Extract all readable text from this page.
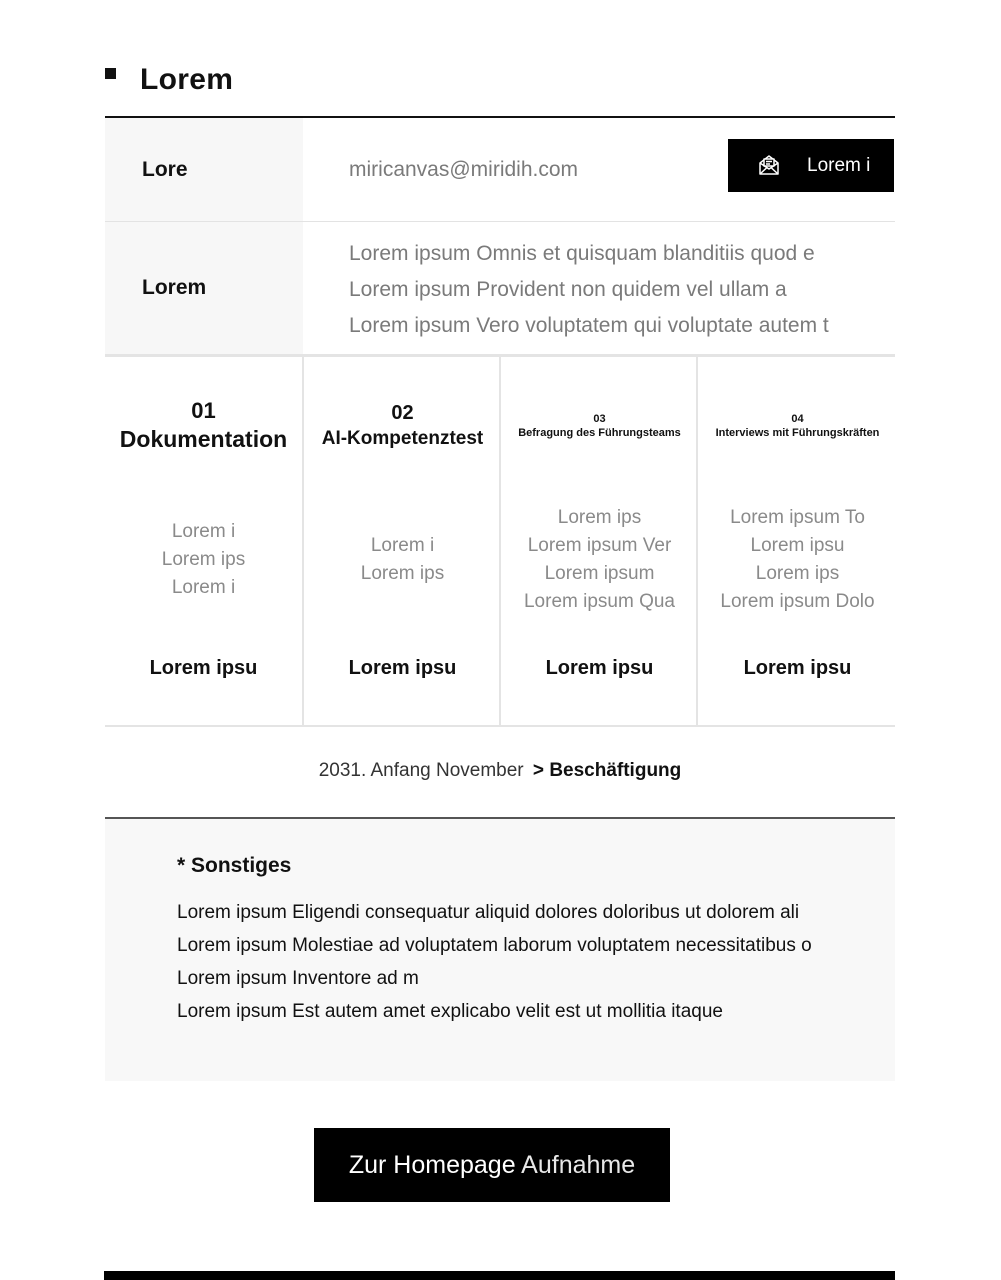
Lorem
Lore	miricanvas@miridih.com	Lorem i
Lorem
Lorem ipsum Omnis et quisquam blanditiis quod e
Lorem ipsum Provident non quidem vel ullam a
Lorem ipsum Vero voluptatem qui voluptate autem t
01
Dokumentation
Lorem i
Lorem ips
Lorem i
Lorem ipsu
02
AI-Kompetenztest
Lorem i
Lorem ips
Lorem ipsu
03
Befragung des Führungsteams
Lorem ips
Lorem ipsum Ver
Lorem ipsum
Lorem ipsum Qua
Lorem ipsu
04
Interviews mit Führungskräften
Lorem ipsum To
Lorem ipsu
Lorem ips
Lorem ipsum Dolo
Lorem ipsu
2031. Anfang November > Beschäftigung
* Sonstiges
Lorem ipsum Eligendi consequatur aliquid dolores doloribus ut dolorem ali
Lorem ipsum Molestiae ad voluptatem laborum voluptatem necessitatibus o
Lorem ipsum Inventore ad m
Lorem ipsum Est autem amet explicabo velit est ut mollitia itaque
Zur Homepage Aufnahme
